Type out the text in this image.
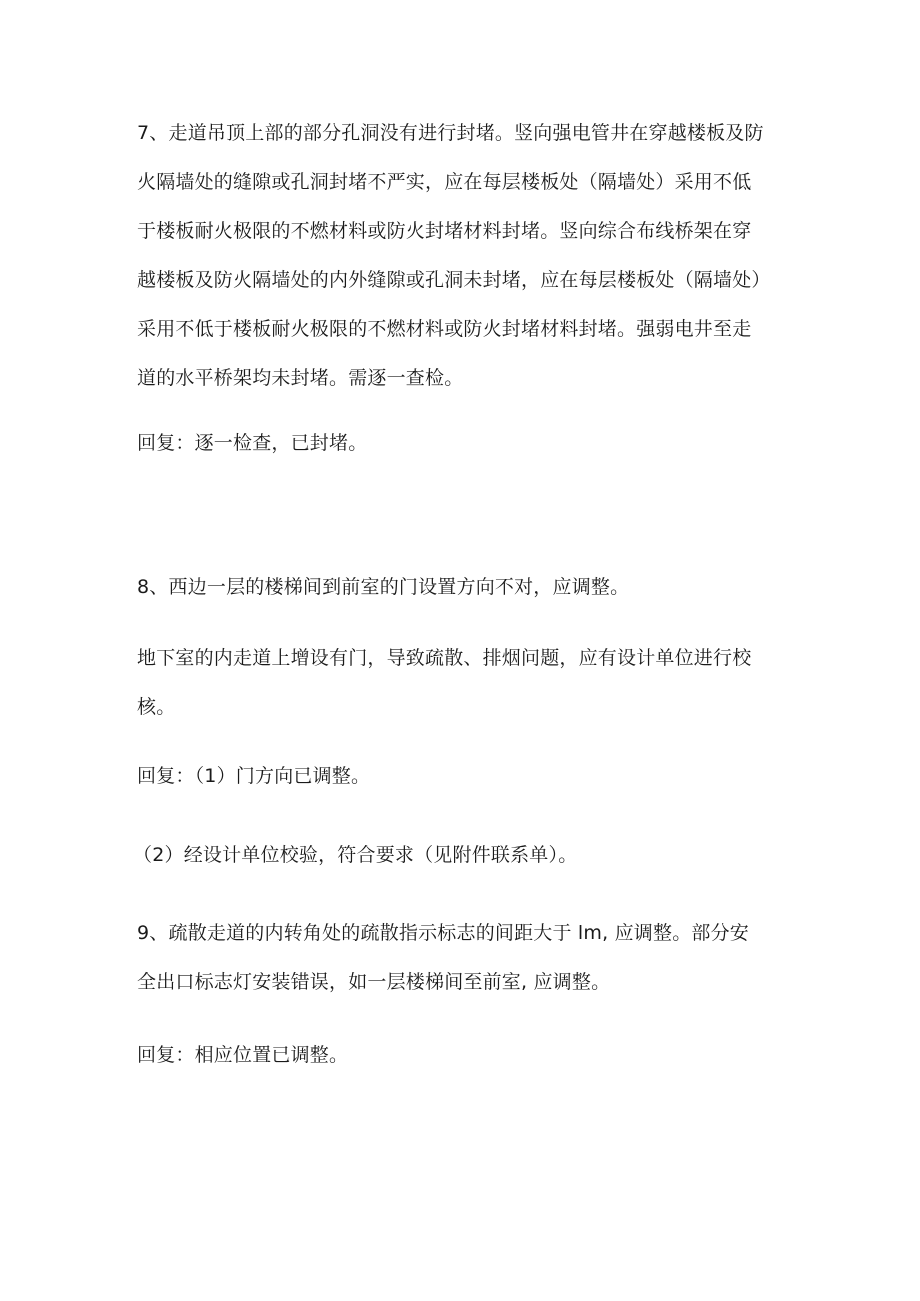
7、走道吊顶上部的部分孔洞没有进行封堵。竖向强电管井在穿越楼板及防
火隔墙处的缝隙或孔洞封堵不严实，应在每层楼板处（隔墙处）采用不低
于楼板耐火极限的不燃材料或防火封堵材料封堵。竖向综合布线桥架在穿
越楼板及防火隔墙处的内外缝隙或孔洞未封堵，应在每层楼板处（隔墙处）
采用不低于楼板耐火极限的不燃材料或防火封堵材料封堵。强弱电井至走
道的水平桥架均未封堵。需逐一查检。
回复：逐一检查，已封堵。
8、西边一层的楼梯间到前室的门设置方向不对，应调整。
地下室的内走道上增设有门，导致疏散、排烟问题，应有设计单位进行校
核。
回复：（1）门方向已调整。
（2）经设计单位校验，符合要求（见附件联系单）。
9、疏散走道的内转角处的疏散指示标志的间距大于 lm, 应调整。部分安
全出口标志灯安装错误，如一层楼梯间至前室, 应调整。
回复：相应位置已调整。
